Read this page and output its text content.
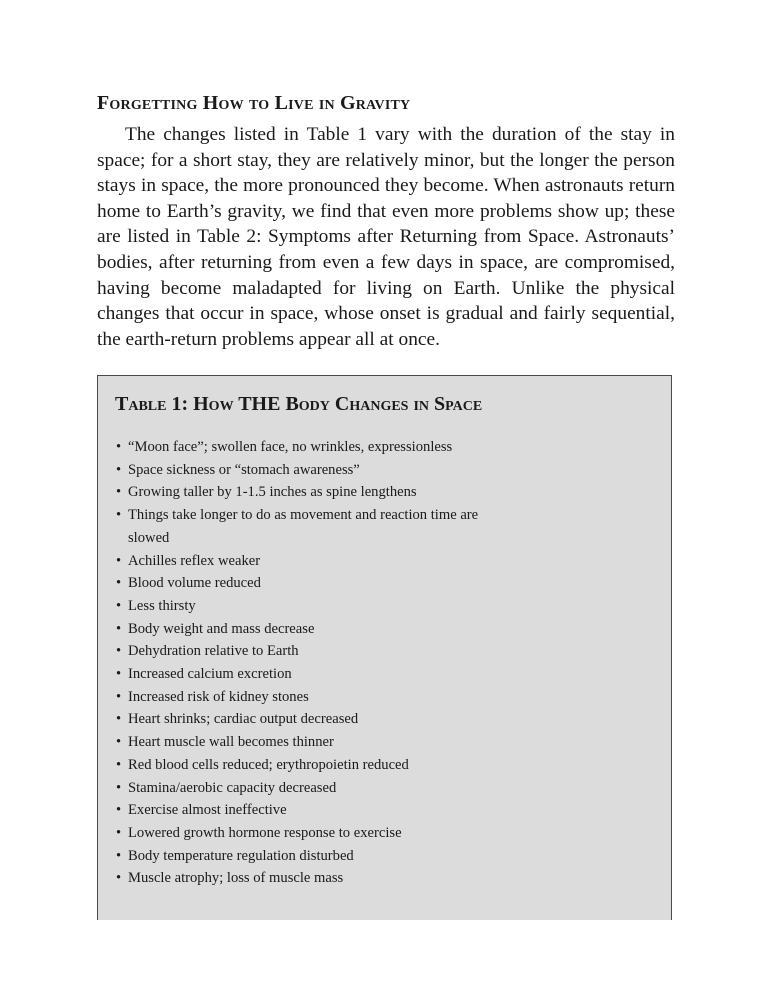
Forgetting How to Live in Gravity

The changes listed in Table 1 vary with the duration of the stay in space; for a short stay, they are relatively minor, but the longer the person stays in space, the more pronounced they become. When astronauts return home to Earth’s gravity, we find that even more problems show up; these are listed in Table 2: Symptoms after Returning from Space. Astronauts’ bodies, after returning from even a few days in space, are compromised, having become maladapted for living on Earth. Unlike the physical changes that occur in space, whose onset is gradual and fairly sequential, the earth-return problems appear all at once.

Table 1: How THE Body Changes in Space
• “Moon face”; swollen face, no wrinkles, expressionless
• Space sickness or “stomach awareness”
• Growing taller by 1-1.5 inches as spine lengthens
• Things take longer to do as movement and reaction time are slowed
• Achilles reflex weaker
• Blood volume reduced
• Less thirsty
• Body weight and mass decrease
• Dehydration relative to Earth
• Increased calcium excretion
• Increased risk of kidney stones
• Heart shrinks; cardiac output decreased
• Heart muscle wall becomes thinner
• Red blood cells reduced; erythropoietin reduced
• Stamina/aerobic capacity decreased
• Exercise almost ineffective
• Lowered growth hormone response to exercise
• Body temperature regulation disturbed
• Muscle atrophy; loss of muscle mass
